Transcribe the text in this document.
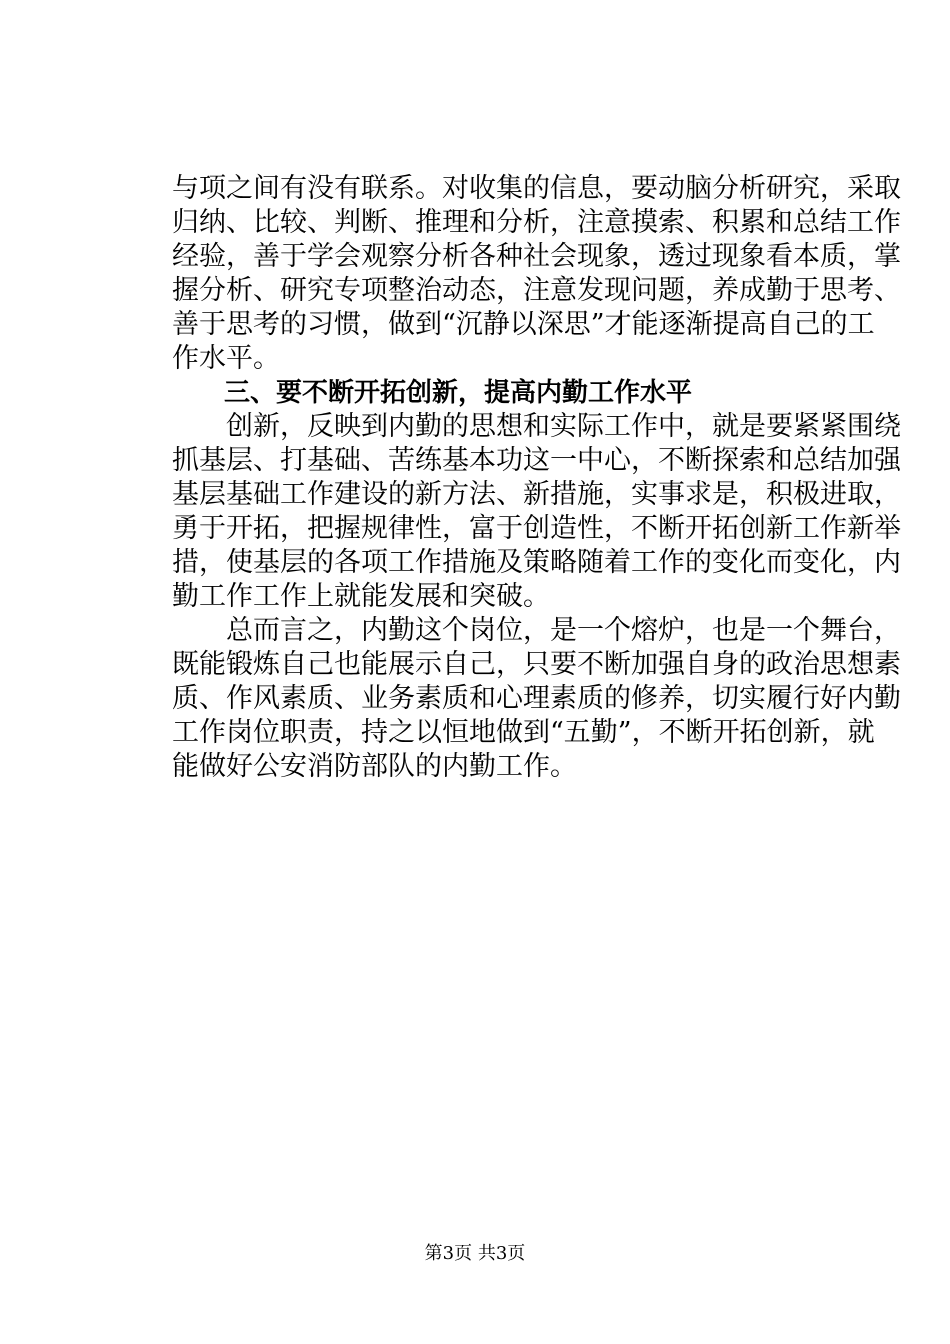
与项之间有没有联系。对收集的信息，要动脑分析研究，采取
归纳、比较、判断、推理和分析，注意摸索、积累和总结工作
经验，善于学会观察分析各种社会现象，透过现象看本质，掌
握分析、研究专项整治动态，注意发现问题，养成勤于思考、
善于思考的习惯，做到“沉静以深思”才能逐渐提高自己的工
作水平。
　　三、要不断开拓创新，提高内勤工作水平
　　创新，反映到内勤的思想和实际工作中，就是要紧紧围绕
抓基层、打基础、苦练基本功这一中心，不断探索和总结加强
基层基础工作建设的新方法、新措施，实事求是，积极进取，
勇于开拓，把握规律性，富于创造性，不断开拓创新工作新举
措，使基层的各项工作措施及策略随着工作的变化而变化，内
勤工作工作上就能发展和突破。
　　总而言之，内勤这个岗位，是一个熔炉，也是一个舞台，
既能锻炼自己也能展示自己，只要不断加强自身的政治思想素
质、作风素质、业务素质和心理素质的修养，切实履行好内勤
工作岗位职责，持之以恒地做到“五勤”，不断开拓创新，就
能做好公安消防部队的内勤工作。
第3页 共3页
